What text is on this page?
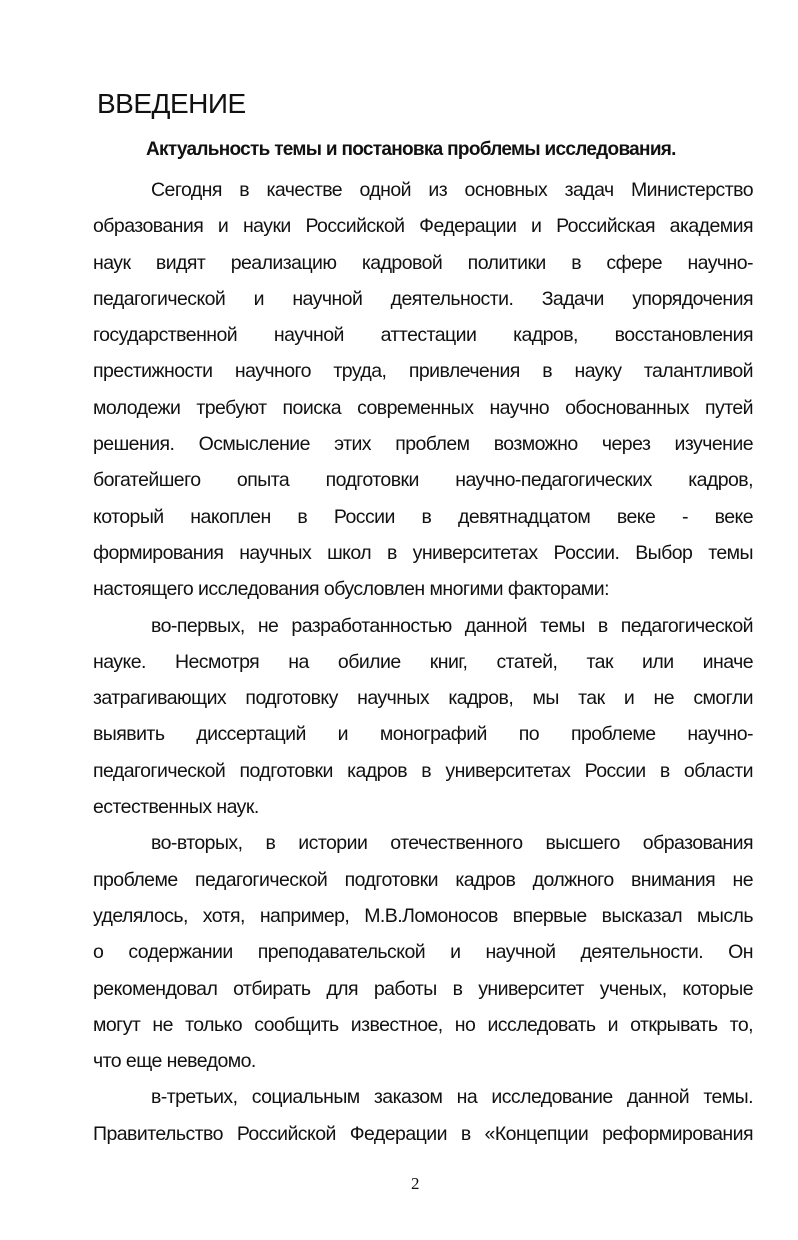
ВВЕДЕНИЕ
Актуальность темы и постановка проблемы исследования.
Сегодня в качестве одной из основных задач Министерство
образования и науки Российской Федерации и Российская академия
наук видят реализацию кадровой политики в сфере научно-
педагогической и научной деятельности. Задачи упорядочения
государственной научной аттестации кадров, восстановления
престижности научного труда, привлечения в науку талантливой
молодежи требуют поиска современных научно обоснованных путей
решения. Осмысление этих проблем возможно через изучение
богатейшего опыта подготовки научно-педагогических кадров,
который накоплен в России в девятнадцатом веке - веке
формирования научных школ в университетах России. Выбор темы
настоящего исследования обусловлен многими факторами:
во-первых, не разработанностью данной темы в педагогической
науке. Несмотря на обилие книг, статей, так или иначе
затрагивающих подготовку научных кадров, мы так и не смогли
выявить диссертаций и монографий по проблеме научно-
педагогической подготовки кадров в университетах России в области
естественных наук.
во-вторых, в истории отечественного высшего образования
проблеме педагогической подготовки кадров должного внимания не
уделялось, хотя, например, М.В.Ломоносов впервые высказал мысль
о содержании преподавательской и научной деятельности. Он
рекомендовал отбирать для работы в университет ученых, которые
могут не только сообщить известное, но исследовать и открывать то,
что еще неведомо.
в-третьих, социальным заказом на исследование данной темы.
Правительство Российской Федерации в «Концепции реформирования
2
